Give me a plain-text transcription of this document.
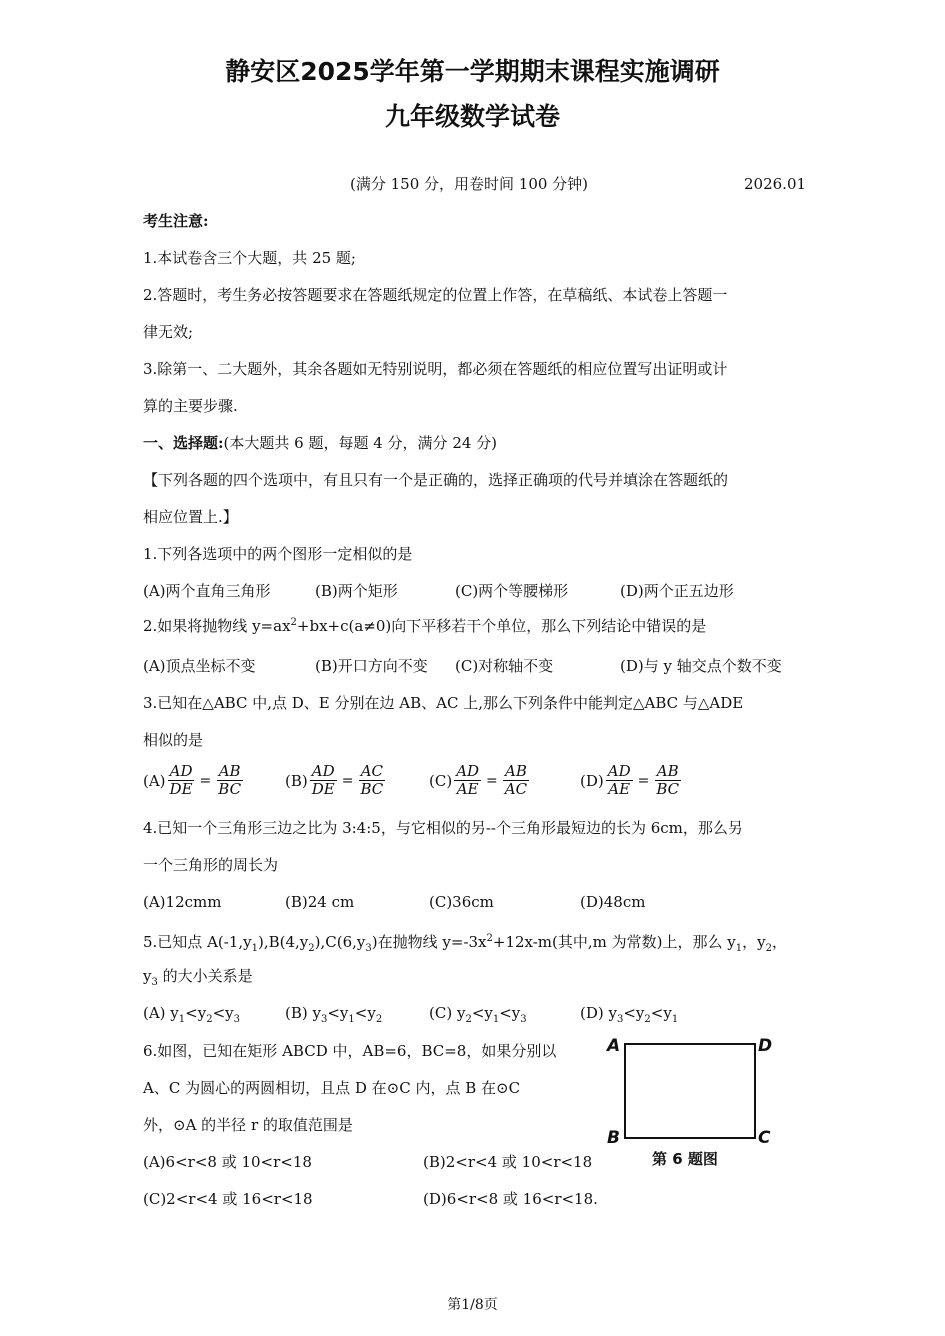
静安区2025学年第一学期期末课程实施调研
九年级数学试卷
(满分 150 分，用卷时间 100 分钟)	2026.01
考生注意:
1.本试卷含三个大题，共 25 题;
2.答题时，考生务必按答题要求在答题纸规定的位置上作答，在草稿纸、本试卷上答题一
律无效;
3.除第一、二大题外，其余各题如无特别说明，都必须在答题纸的相应位置写出证明或计
算的主要步骤.
一、选择题:(本大题共 6 题，每题 4 分，满分 24 分)
【下列各题的四个选项中，有且只有一个是正确的，选择正确项的代号并填涂在答题纸的
相应位置上.】
1.下列各选项中的两个图形一定相似的是
(A)两个直角三角形	(B)两个矩形	(C)两个等腰梯形	(D)两个正五边形
2.如果将抛物线 $y=ax^2+bx+c(a\ne 0)$向下平移若干个单位，那么下列结论中错误的是
(A)顶点坐标不变	(B)开口方向不变 (C)对称轴不变	(D)与 y 轴交点个数不变
3.已知在△ABC 中,点 D、E 分别在边 AB、AC 上,那么下列条件中能判定△ABC 与△ADE
相似的是
$(A) \frac{AD}{DE} = \frac{AB}{BC}$	$(B) \frac{AD}{DE} = \frac{AC}{BC}$	$(C) \frac{AD}{AE} = \frac{AB}{AC}$	$(D) \frac{AD}{AE} = \frac{AB}{BC}$
4.已知一个三角形三边之比为 3:4:5，与它相似的另--个三角形最短边的长为 6cm，那么另
一个三角形的周长为
(A)12cmm	(B)24 cm	(C)36cm	(D)48cm
5.已知点 $A(-1,y_1),B(4,y_2),C(6,y_3)$在抛物线 $y=-3x^2+12x-m$(其中,m 为常数)上，那么 $y_1$，$y_2$，
$y_3$ 的大小关系是
(A) $y_1<y_2<y_3$	(B) $y_3<y_1<y_2$	(C) $y_2<y_1<y_3$	(D) $y_3<y_2<y_1$
6.如图，已知在矩形 ABCD 中，AB=6，BC=8，如果分别以
A、C 为圆心的两圆相切，且点 D 在⊙C 内，点 B 在⊙C
外，⊙A 的半径 r 的取值范围是
(A)6<r<8 或 10<r<18	(B)2<r<4 或 10<r<18
(C)2<r<4 或 16<r<18	(D)6<r<8 或 16<r<18.
A	D
B	C
第 6 题图
第1/8页
